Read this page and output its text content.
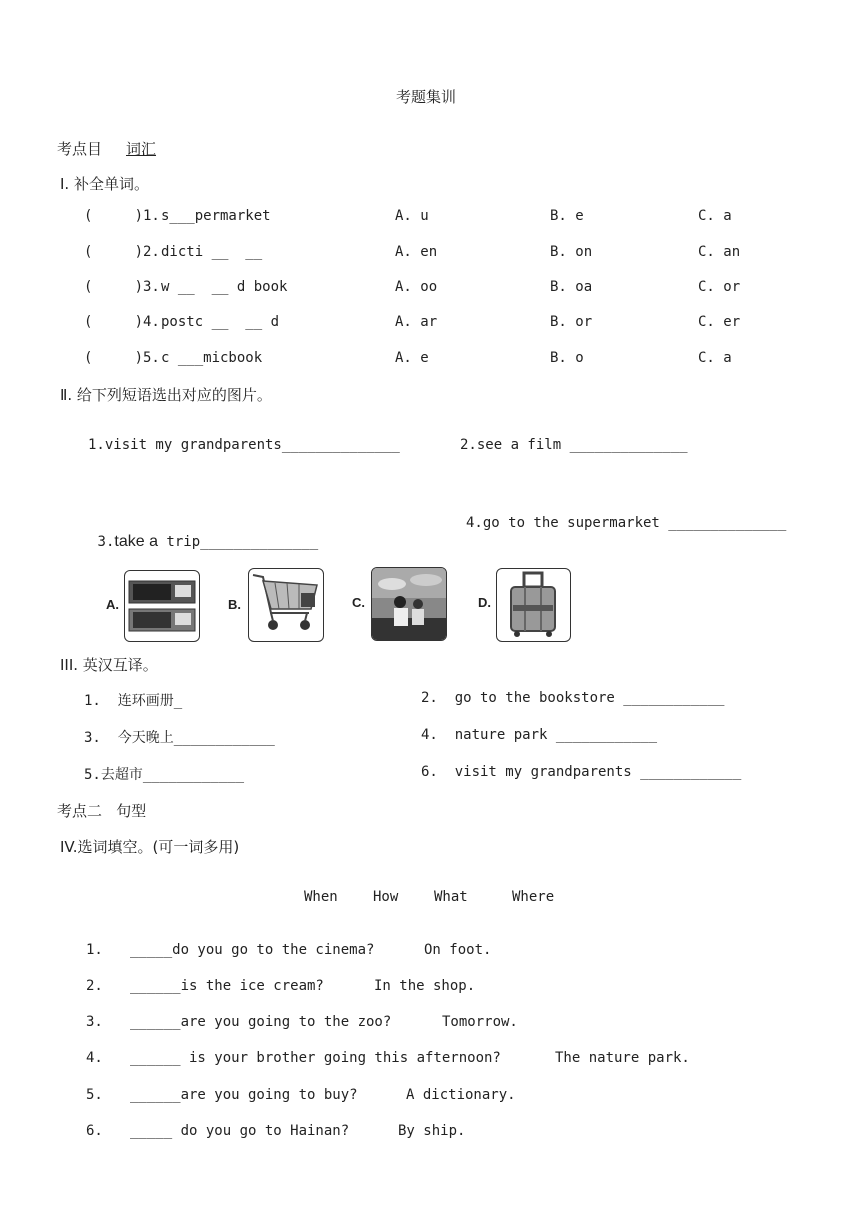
考题集训
考点目 词汇
Ⅰ. 补全单词。
(     )1. s___permarket	A. u	B. e	C. a
(     )2. dicti __  __	A. en	B. on	C. an
(     )3. w __  __ d book	A. oo	B. oa	C. or
(     )4. postc __  __ d	A. ar	B. or	C. er
(     )5. c ___micbook	A. e	B. o	C. a
Ⅱ. 给下列短语选出对应的图片。
1.visit my grandparents______________	2.see a film ______________

3.take a trip______________

4.go to the supermarket ______________
A.	B.	C.	D.
III. 英汉互译。
1.  连环画册_	2.  go to the bookstore ____________
3.  今天晚上____________	4.  nature park ____________
5.去超市____________	6.  visit my grandparents ____________
考点二   句型
IV.选词填空。(可一词多用)
When	How	What	Where
1. _____do you go to the cinema?	On foot.
2. ______is the ice cream?	In the shop.
3. ______are you going to the zoo?	Tomorrow.
4. ______ is your brother going this afternoon?	The nature park.
5. ______are you going to buy?	A dictionary.
6. _____ do you go to Hainan?	By ship.
